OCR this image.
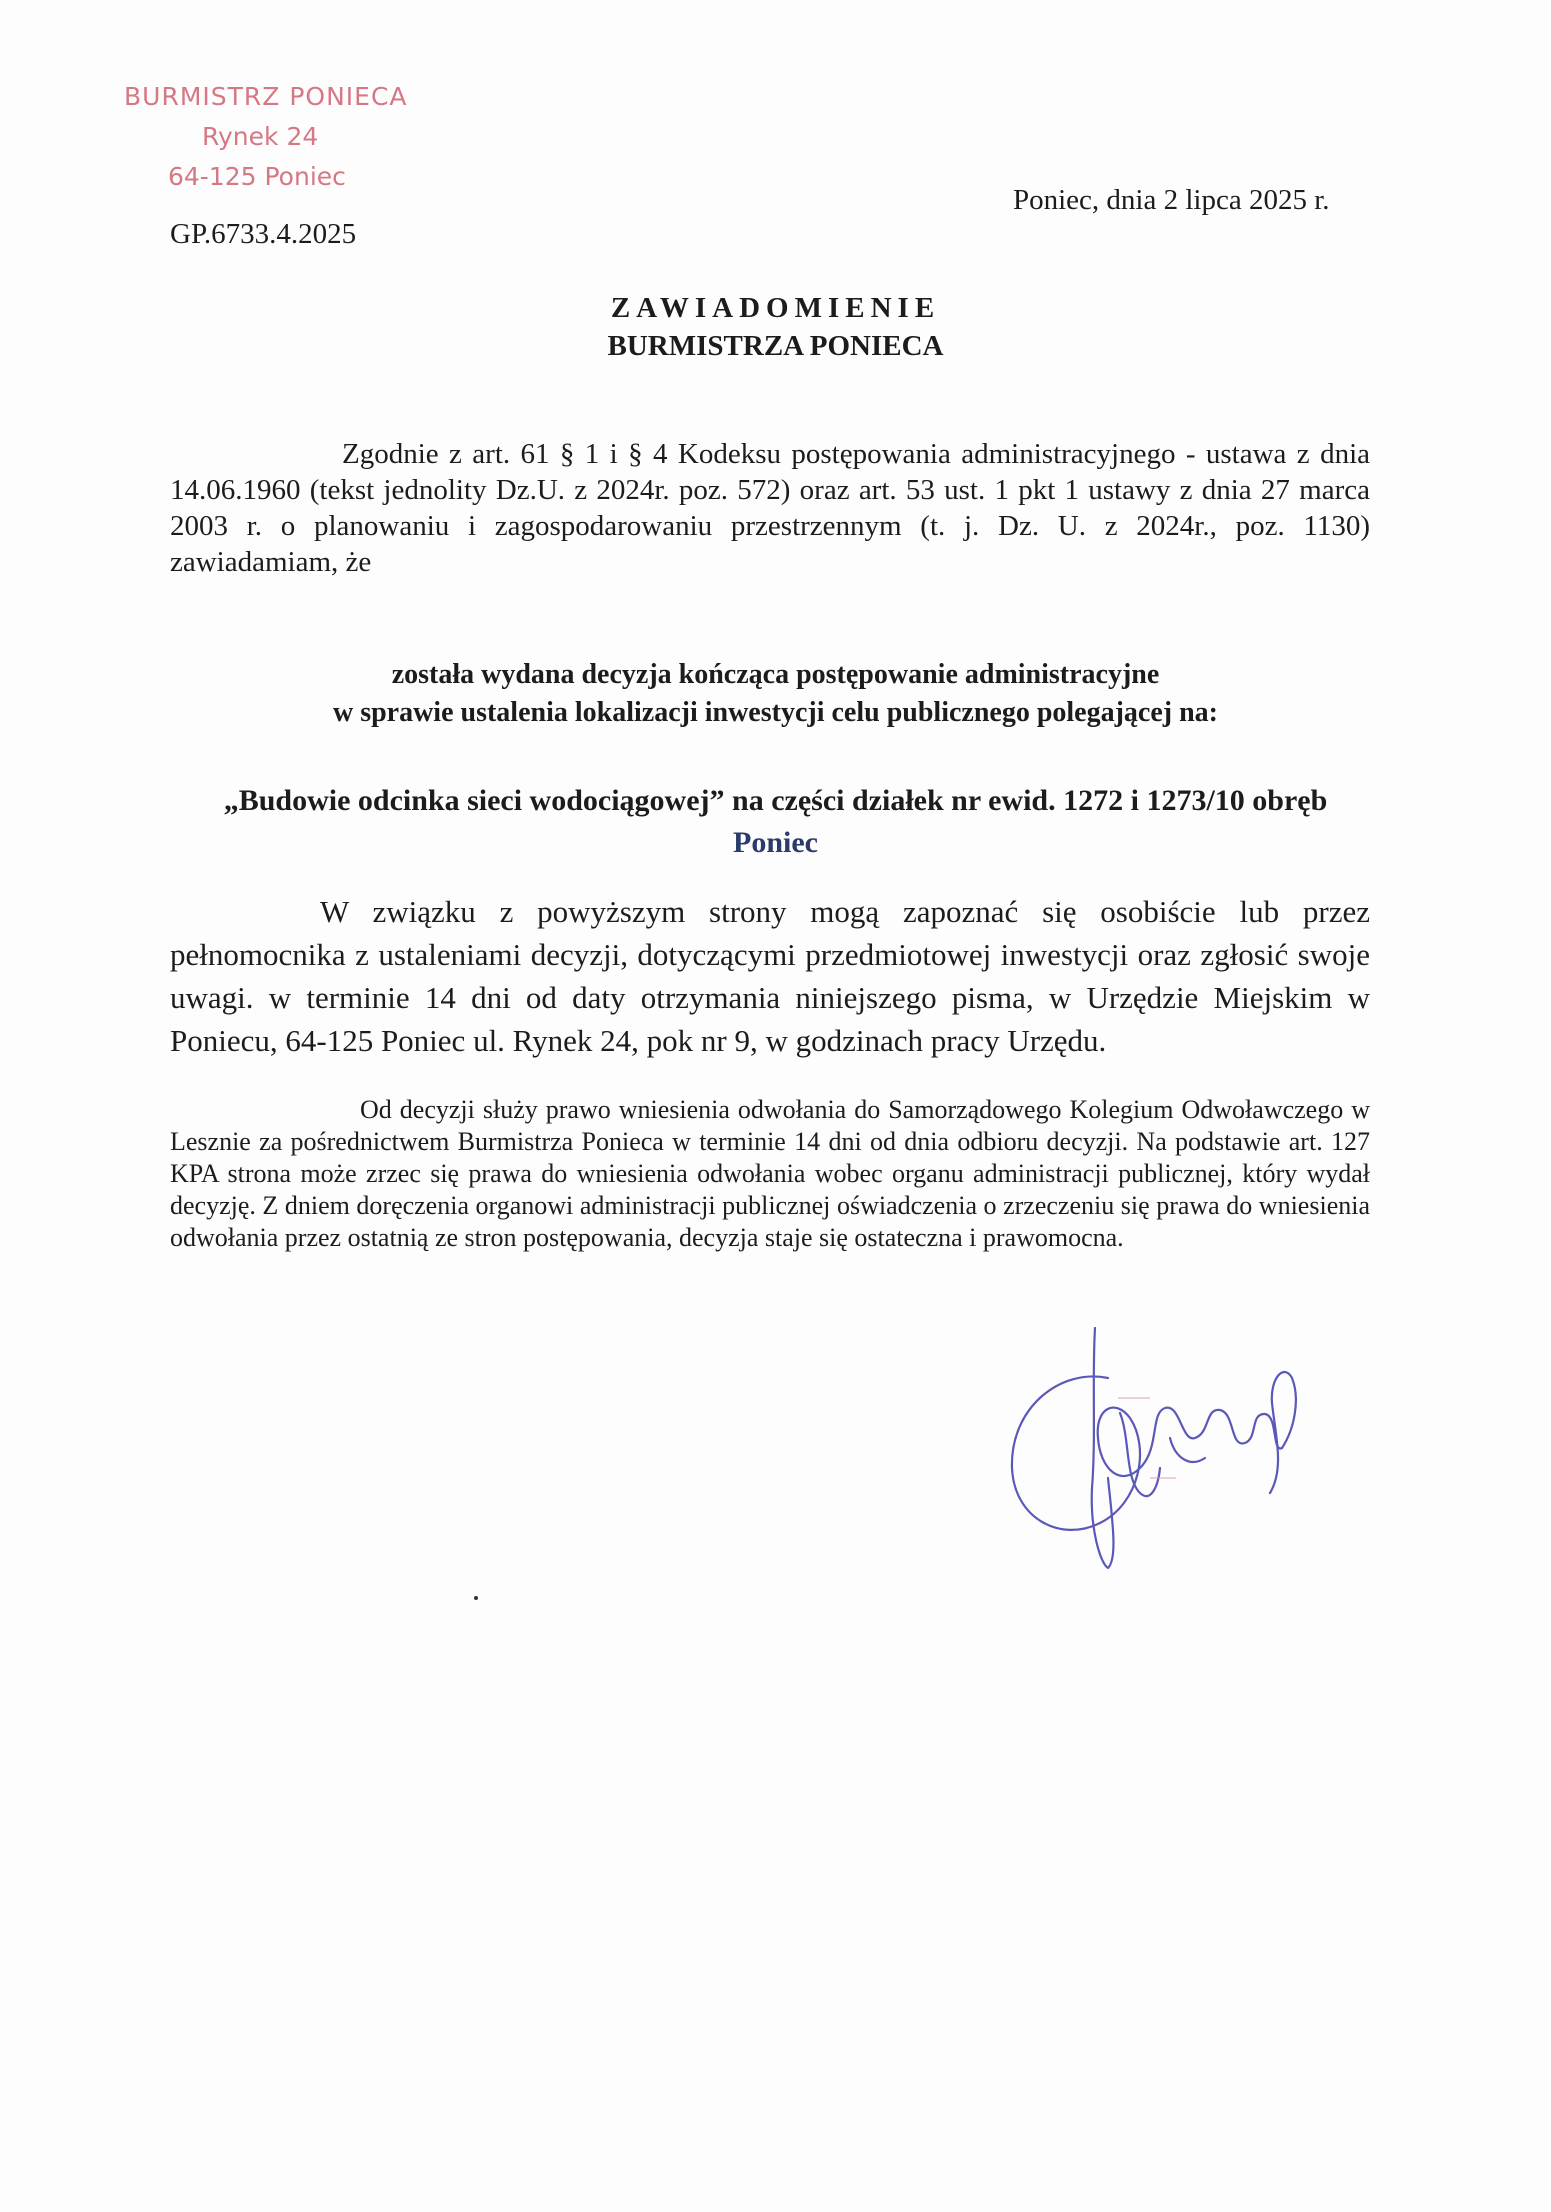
BURMISTRZ PONIECA
Rynek 24
64-125 Poniec
Poniec, dnia 2 lipca 2025 r.
GP.6733.4.2025
ZAWIADOMIENIE
BURMISTRZA PONIECA
Zgodnie z art. 61 § 1 i § 4 Kodeksu postępowania administracyjnego - ustawa z dnia 14.06.1960 (tekst jednolity Dz.U. z 2024r. poz. 572) oraz art. 53 ust. 1 pkt 1 ustawy z dnia 27 marca 2003 r. o planowaniu i zagospodarowaniu przestrzennym (t. j. Dz. U. z 2024r., poz. 1130) zawiadamiam, że
została wydana decyzja kończąca postępowanie administracyjne
w sprawie ustalenia lokalizacji inwestycji celu publicznego polegającej na:
„Budowie odcinka sieci wodociągowej” na części działek nr ewid. 1272 i 1273/10 obręb
Poniec
W związku z powyższym strony mogą zapoznać się osobiście lub przez pełnomocnika z ustaleniami decyzji, dotyczącymi przedmiotowej inwestycji oraz zgłosić swoje uwagi. w terminie 14 dni od daty otrzymania niniejszego pisma, w Urzędzie Miejskim w Poniecu, 64-125 Poniec ul. Rynek 24, pok nr 9, w godzinach pracy Urzędu.
Od decyzji służy prawo wniesienia odwołania do Samorządowego Kolegium Odwoławczego w Lesznie za pośrednictwem Burmistrza Ponieca w terminie 14 dni od dnia odbioru decyzji. Na podstawie art. 127 KPA strona może zrzec się prawa do wniesienia odwołania wobec organu administracji publicznej, który wydał decyzję. Z dniem doręczenia organowi administracji publicznej oświadczenia o zrzeczeniu się prawa do wniesienia odwołania przez ostatnią ze stron postępowania, decyzja staje się ostateczna i prawomocna.
